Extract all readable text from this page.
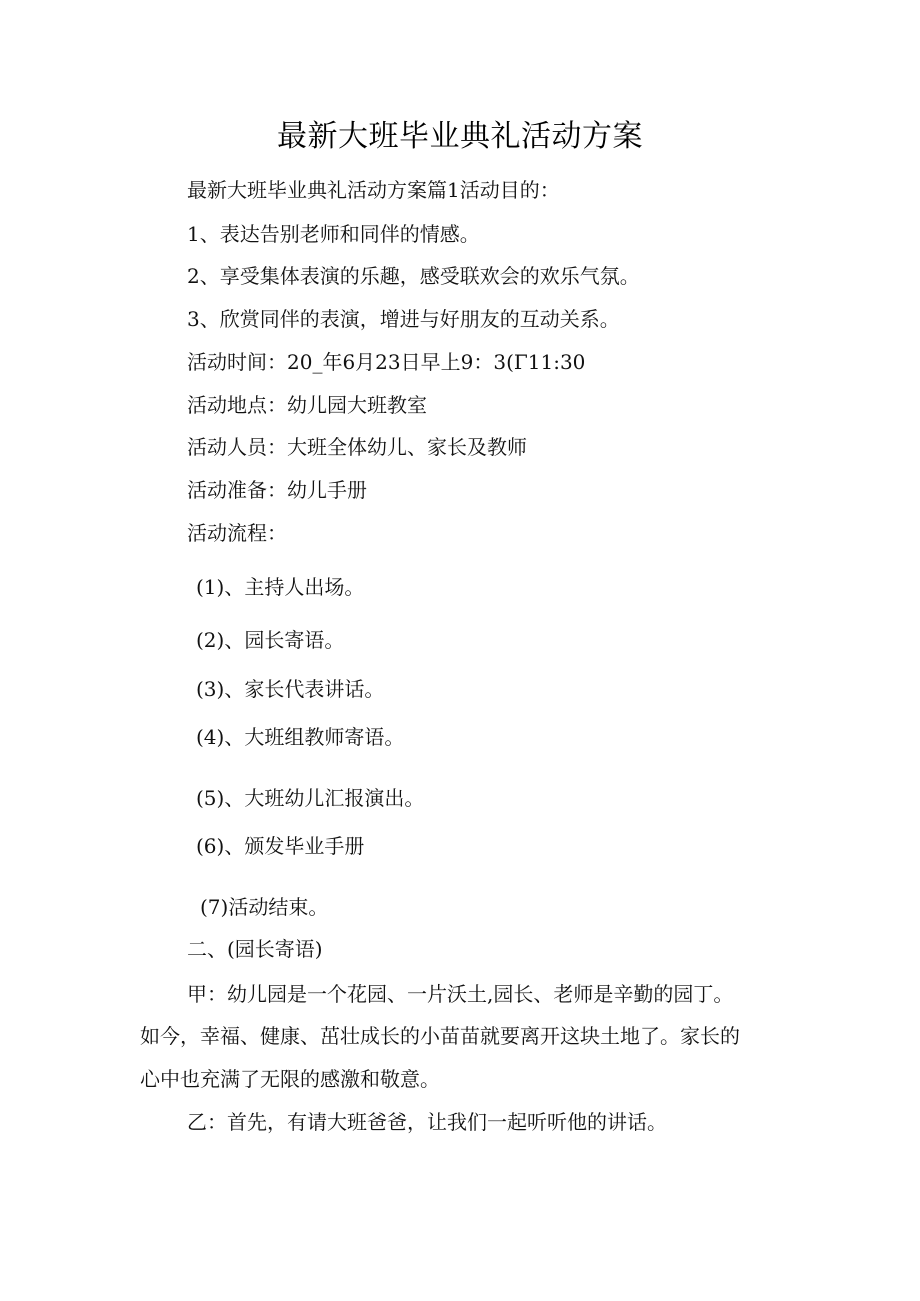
最新大班毕业典礼活动方案
最新大班毕业典礼活动方案篇1活动目的：
1、表达告别老师和同伴的情感。
2、享受集体表演的乐趣，感受联欢会的欢乐气氛。
3、欣赏同伴的表演，增进与好朋友的互动关系。
活动时间：20_年6月23日早上9：3(Γ11:30
活动地点：幼儿园大班教室
活动人员：大班全体幼儿、家长及教师
活动准备：幼儿手册
活动流程：
(1)、主持人出场。
(2)、园长寄语。
(3)、家长代表讲话。
(4)、大班组教师寄语。
(5)、大班幼儿汇报演出。
(6)、颁发毕业手册
(7)活动结束。
二、(园长寄语)
甲：幼儿园是一个花园、一片沃土,园长、老师是辛勤的园丁。
如今，幸福、健康、茁壮成长的小苗苗就要离开这块土地了。家长的
心中也充满了无限的感激和敬意。
乙：首先，有请大班爸爸，让我们一起听听他的讲话。
